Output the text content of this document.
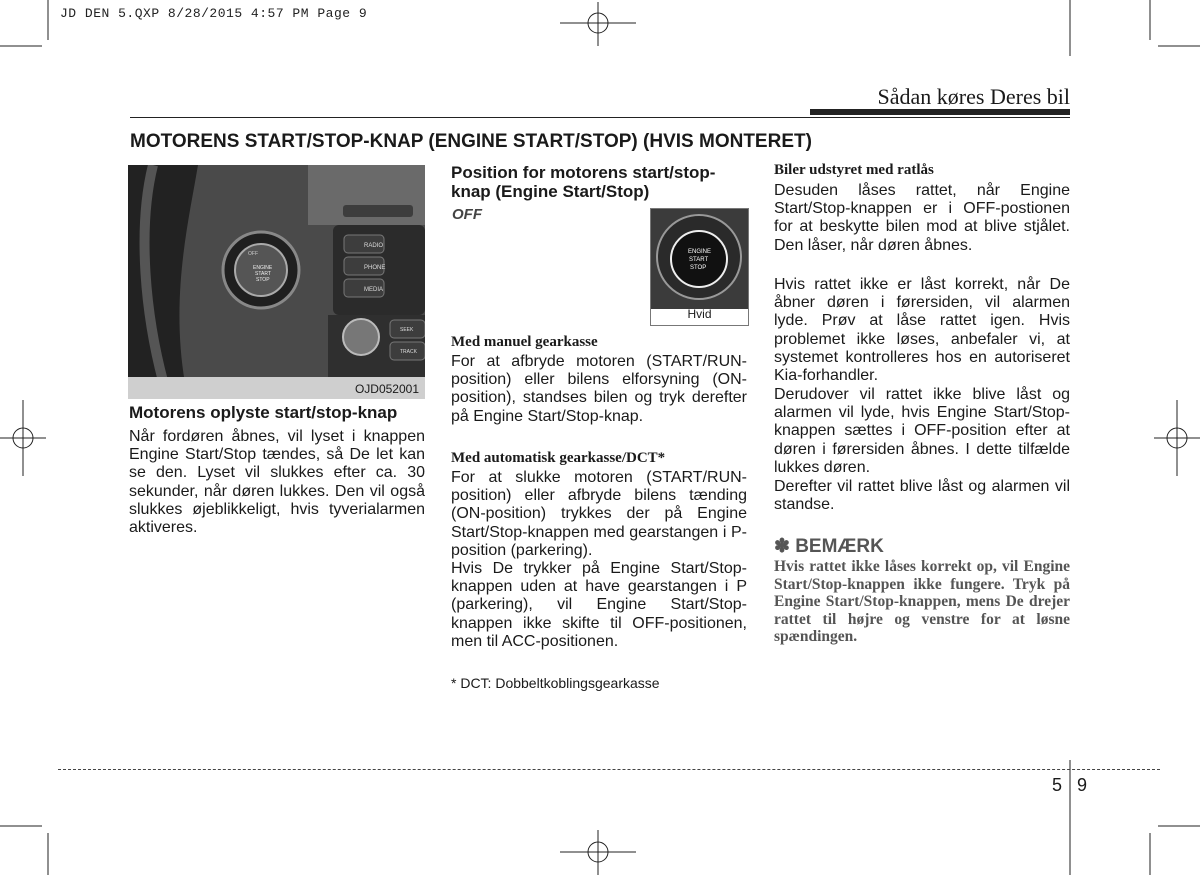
JD DEN 5.QXP 8/28/2015 4:57 PM Page 9
Sådan køres Deres bil
MOTORENS START/STOP-KNAP (ENGINE START/STOP) (HVIS MONTERET)
RADIO
PHONE
MEDIA
SEEK
TRACK
OFF
ENGINE
START
STOP
OJD052001
Motorens oplyste start/stop-knap
Når fordøren åbnes, vil lyset i knappen Engine Start/Stop tændes, så De let kan se den. Lyset vil slukkes efter ca. 30 sekunder, når døren lukkes. Den vil også slukkes øjeblikkeligt, hvis tyverialarmen aktiveres.
Position for motorens start/stop-
knap (Engine Start/Stop)
OFF
ENGINE
START
STOP
Hvid
Med manuel gearkasse
For at afbryde motoren (START/RUN-position) eller bilens elforsyning (ON-position), standses bilen og tryk derefter på Engine Start/Stop-knap.
Med automatisk gearkasse/DCT*
For at slukke motoren (START/RUN-position) eller afbryde bilens tænding (ON-position) trykkes der på Engine Start/Stop-knappen med gearstangen i P-position (parkering).
Hvis De trykker på Engine Start/Stop-knappen uden at have gearstangen i P (parkering), vil Engine Start/Stop-knappen ikke skifte til OFF-positionen, men til ACC-positionen.
* DCT: Dobbeltkoblingsgearkasse
Biler udstyret med ratlås
Desuden låses rattet, når Engine Start/Stop-knappen er i OFF-postionen for at beskytte bilen mod at blive stjålet. Den låser, når døren åbnes.
Hvis rattet ikke er låst korrekt, når De åbner døren i førersiden, vil alarmen lyde. Prøv at låse rattet igen. Hvis problemet ikke løses, anbefaler vi, at systemet kontrolleres hos en autoriseret Kia-forhandler.
Derudover vil rattet ikke blive låst og alarmen vil lyde, hvis Engine Start/Stop-knappen sættes i OFF-position efter at døren i førersiden åbnes. I dette tilfælde lukkes døren.
Derefter vil rattet blive låst og alarmen vil standse.
✽ BEMÆRK
Hvis rattet ikke låses korrekt op, vil Engine Start/Stop-knappen ikke fungere. Tryk på Engine Start/Stop-knappen, mens De drejer rattet til højre og venstre for at løsne spændingen.
5 9
